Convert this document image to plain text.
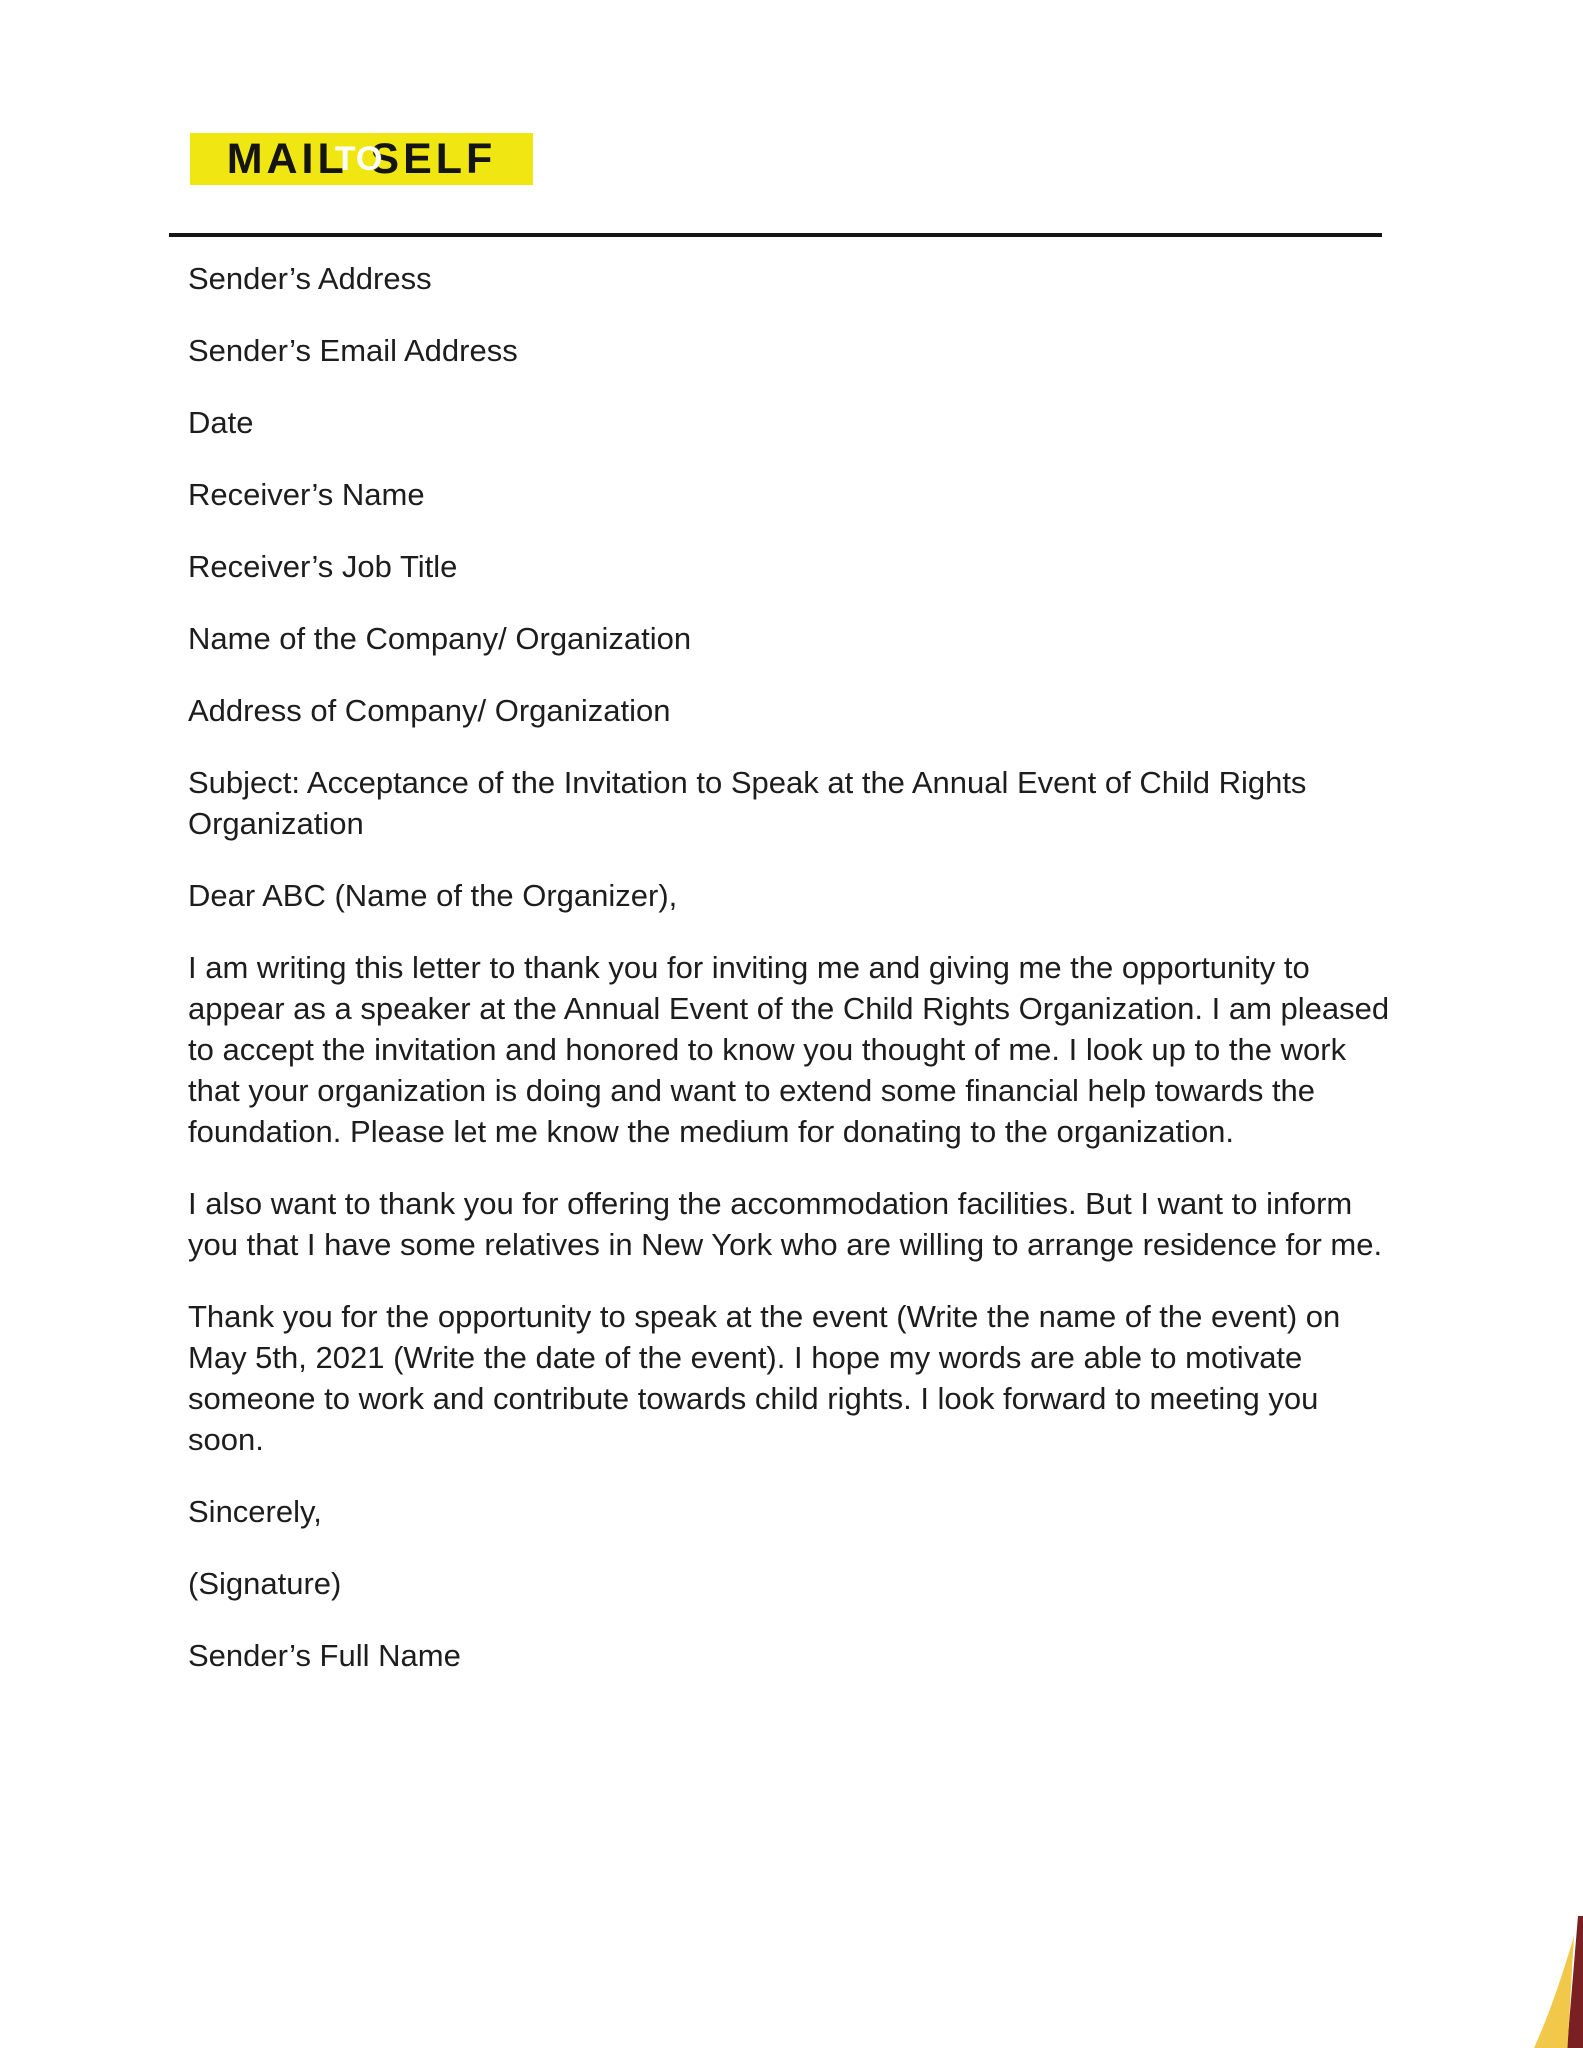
MAIL
TO
SELF

Sender’s Address

Sender’s Email Address

Date

Receiver’s Name

Receiver’s Job Title

Name of the Company/ Organization

Address of Company/ Organization

Subject: Acceptance of the Invitation to Speak at the Annual Event of Child Rights Organization

Dear ABC (Name of the Organizer),

I am writing this letter to thank you for inviting me and giving me the opportunity to appear as a speaker at the Annual Event of the Child Rights Organization. I am pleased to accept the invitation and honored to know you thought of me. I look up to the work that your organization is doing and want to extend some financial help towards the foundation. Please let me know the medium for donating to the organization.

I also want to thank you for offering the accommodation facilities. But I want to inform you that I have some relatives in New York who are willing to arrange residence for me.

Thank you for the opportunity to speak at the event (Write the name of the event) on May 5th, 2021 (Write the date of the event). I hope my words are able to motivate someone to work and contribute towards child rights. I look forward to meeting you soon.

Sincerely,

(Signature)

Sender’s Full Name
